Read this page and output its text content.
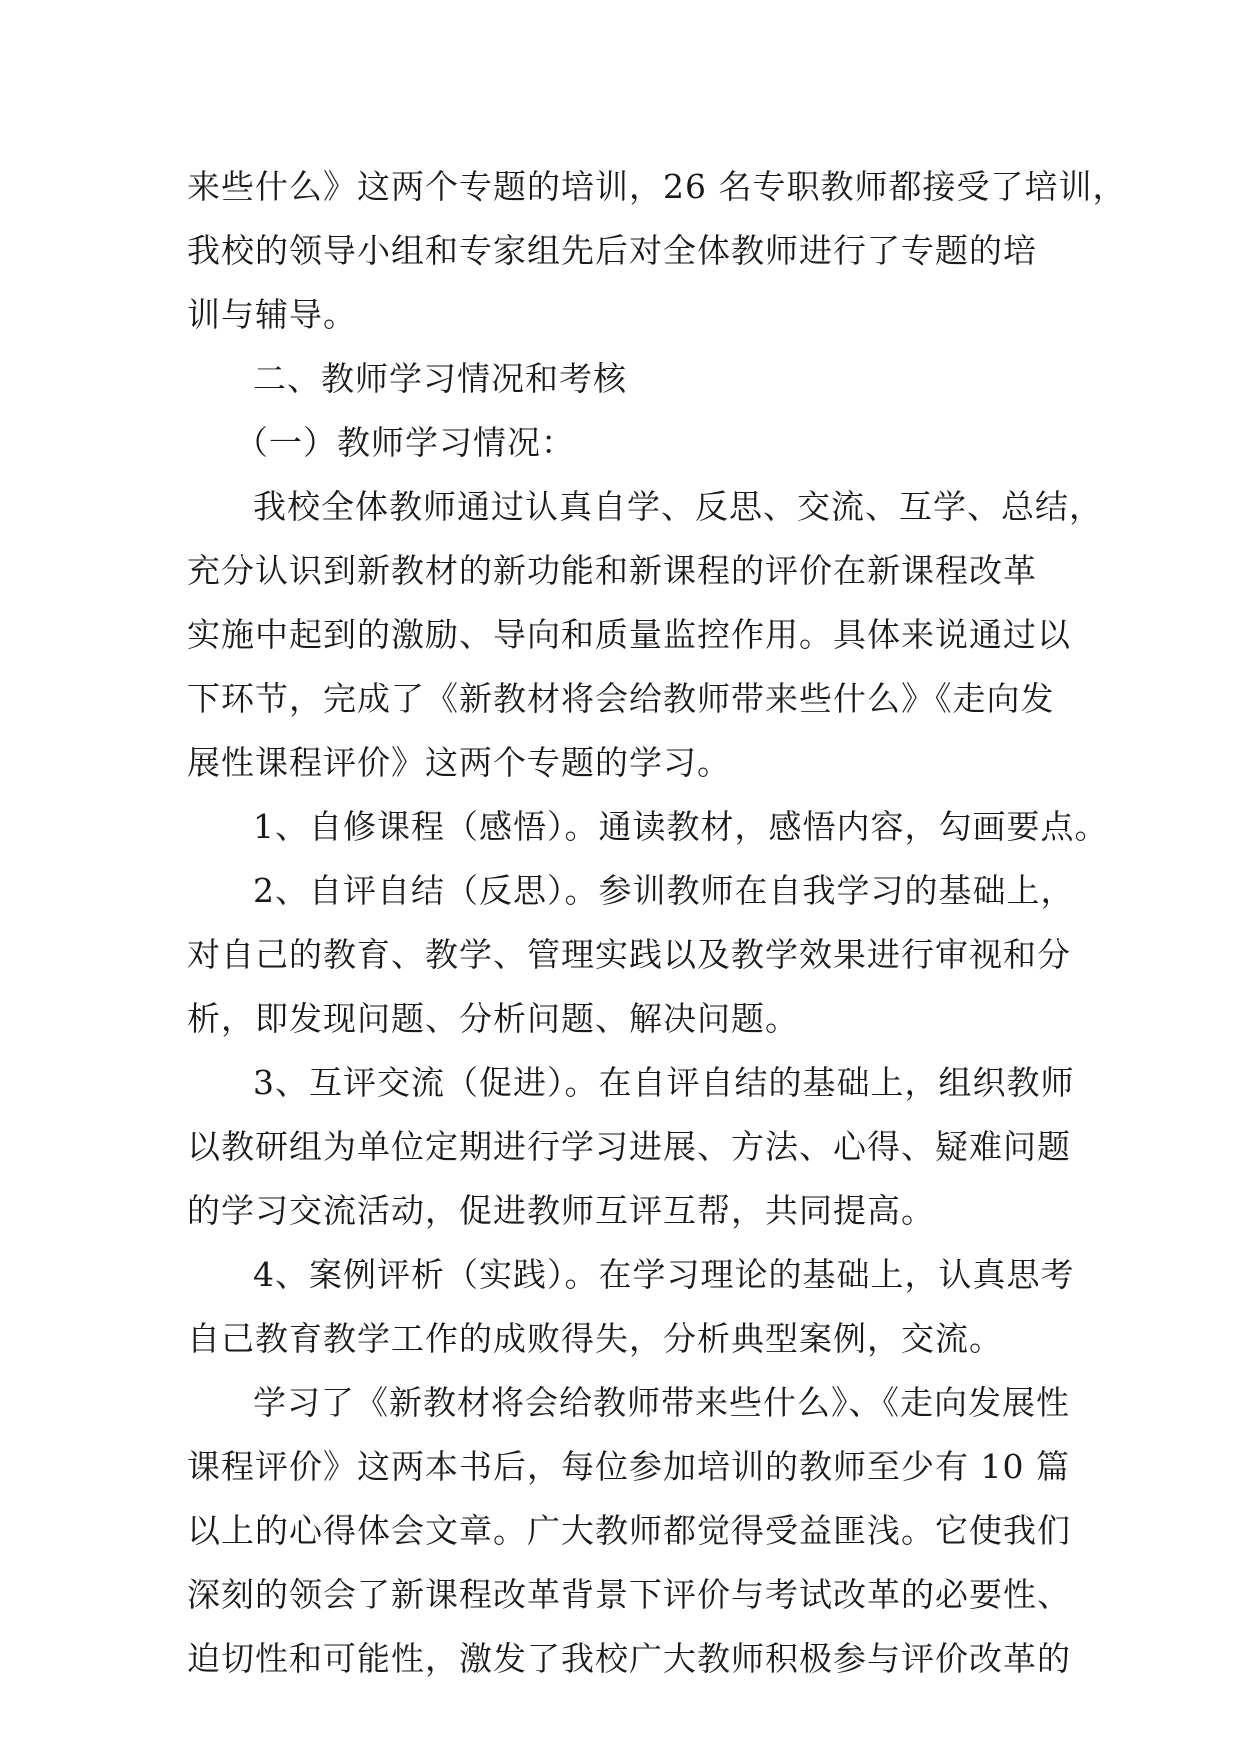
来些什么》这两个专题的培训，26 名专职教师都接受了培训，
我校的领导小组和专家组先后对全体教师进行了专题的培
训与辅导。
二、教师学习情况和考核
（一）教师学习情况：
我校全体教师通过认真自学、反思、交流、互学、总结，
充分认识到新教材的新功能和新课程的评价在新课程改革
实施中起到的激励、导向和质量监控作用。具体来说通过以
下环节，完成了《新教材将会给教师带来些什么》《走向发
展性课程评价》这两个专题的学习。
1、自修课程（感悟）。通读教材，感悟内容，勾画要点。
2、自评自结（反思）。参训教师在自我学习的基础上，
对自己的教育、教学、管理实践以及教学效果进行审视和分
析，即发现问题、分析问题、解决问题。
3、互评交流（促进）。在自评自结的基础上，组织教师
以教研组为单位定期进行学习进展、方法、心得、疑难问题
的学习交流活动，促进教师互评互帮，共同提高。
4、案例评析（实践）。在学习理论的基础上，认真思考
自己教育教学工作的成败得失，分析典型案例，交流。
学习了《新教材将会给教师带来些什么》、《走向发展性
课程评价》这两本书后，每位参加培训的教师至少有 10 篇
以上的心得体会文章。广大教师都觉得受益匪浅。它使我们
深刻的领会了新课程改革背景下评价与考试改革的必要性、
迫切性和可能性，激发了我校广大教师积极参与评价改革的
